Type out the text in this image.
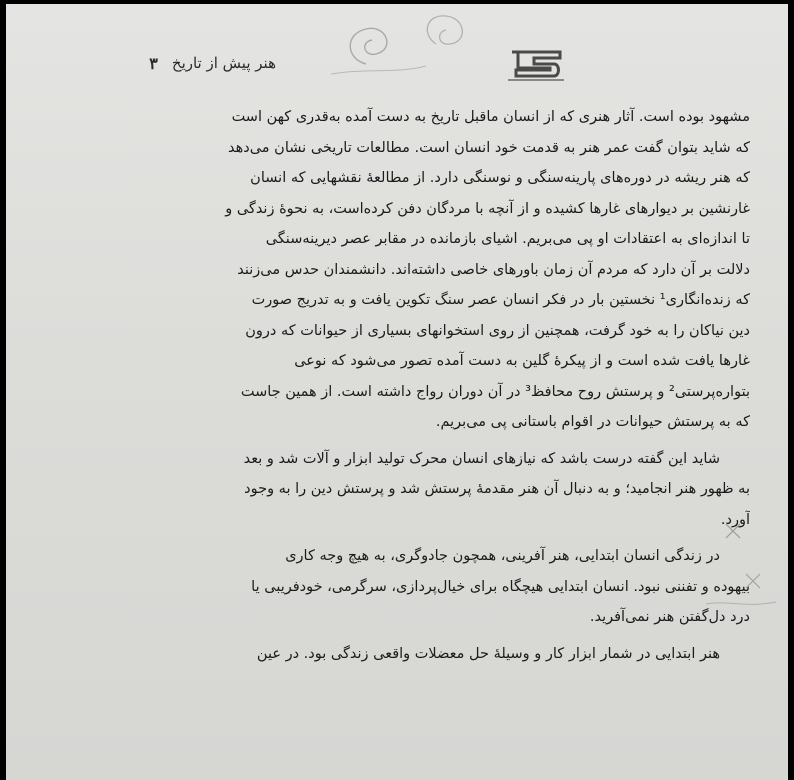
هنر پیش از تاریخ
۳
مشهود بوده است. آثار هنری که از انسان ماقبل تاریخ به دست آمده به‌قدری کهن است
که شاید بتوان گفت عمر هنر به قدمت خود انسان است. مطالعات تاریخی نشان می‌دهد
که هنر ریشه در دوره‌های پارینه‌سنگی و نوسنگی دارد. از مطالعهٔ نقشهایی که انسان
غارنشین بر دیوارهای غارها کشیده و از آنچه با مردگان دفن کرده‌است، به نحوهٔ زندگی و
تا اندازه‌ای به اعتقادات او پی می‌بریم. اشیای بازمانده در مقابر عصر دیرینه‌سنگی
دلالت بر آن دارد که مردم آن زمان باورهای خاصی داشته‌اند. دانشمندان حدس می‌زنند
که زنده‌انگاری¹ نخستین بار در فکر انسان عصر سنگ تکوین یافت و به تدریج صورت
دین نیاکان را به خود گرفت، همچنین از روی استخوانهای بسیاری از حیوانات که درون
غارها یافت شده است و از پیکرهٔ گلین به دست آمده تصور می‌شود که نوعی
بتواره‌پرستی² و پرستش روح محافظ³ در آن دوران رواج داشته است. از همین جاست
که به پرستش حیوانات در اقوام باستانی پی می‌بریم.
شاید این گفته درست باشد که نیازهای انسان محرک تولید ابزار و آلات شد و بعد
به ظهور هنر انجامید؛ و به دنبال آن هنر مقدمهٔ پرستش شد و پرستش دین را به وجود
آورد.
در زندگی انسان ابتدایی، هنر آفرینی، همچون جادوگری، به هیچ وجه کاری
بیهوده و تفننی نبود. انسان ابتدایی هیچگاه برای خیال‌پردازی، سرگرمی، خودفریبی یا
درد دل‌گفتن هنر نمی‌آفرید.
هنر ابتدایی در شمار ابزار کار و وسیلهٔ حل معضلات واقعی زندگی بود. در عین
